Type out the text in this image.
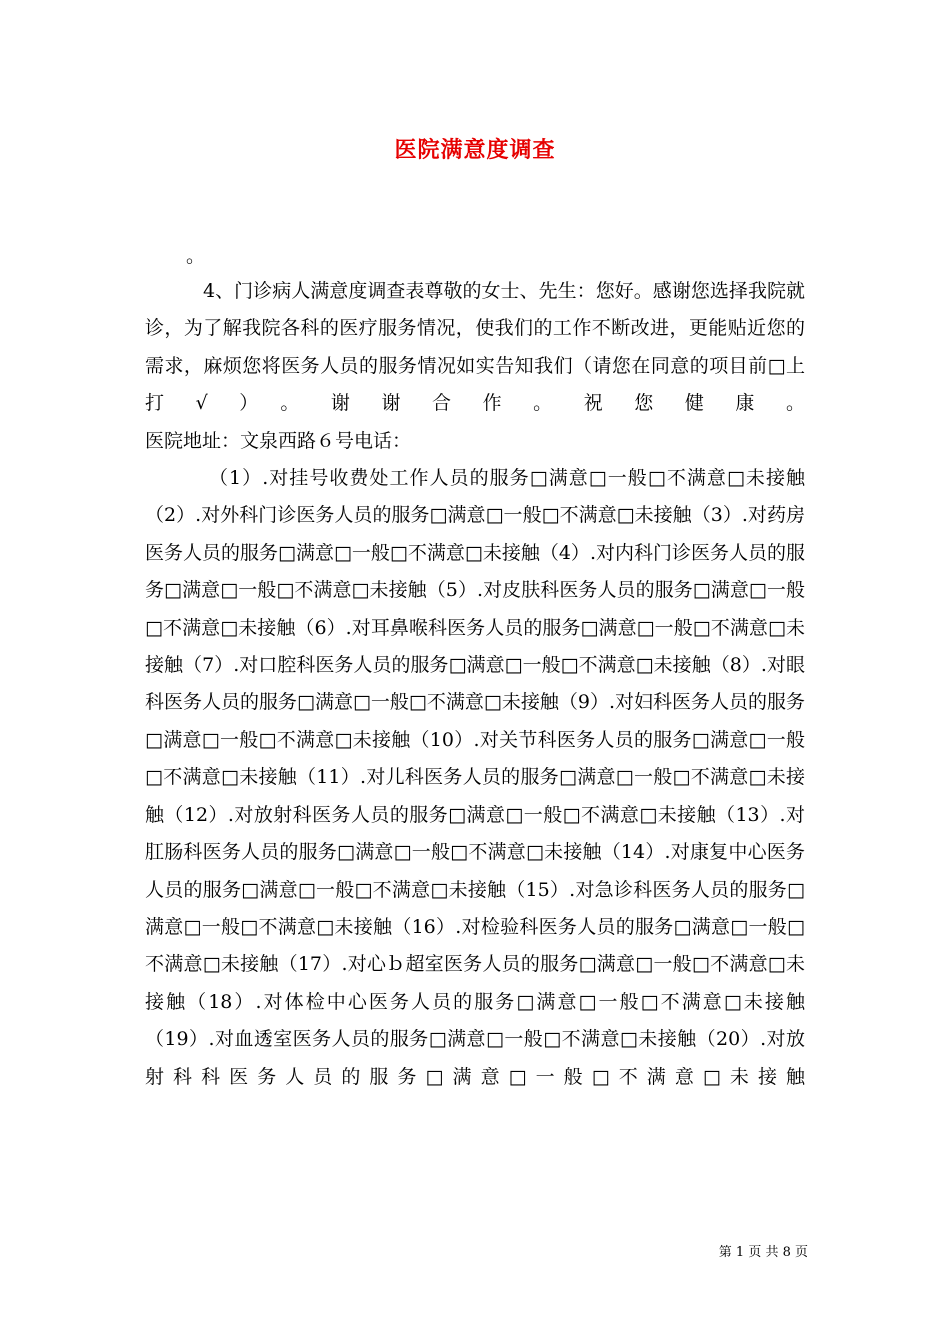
医院满意度调查
。

4、门诊病人满意度调查表尊敬的女士、先生：您好。感谢您选择我院就诊，为了解我院各科的医疗服务情况，使我们的工作不断改进，更能贴近您的需求，麻烦您将医务人员的服务情况如实告知我们（请您在同意的项目前□上打√）。谢谢合作。祝您健康。

医院地址：文泉西路６号电话：

（1）.对挂号收费处工作人员的服务□满意□一般□不满意□未接触（2）.对外科门诊医务人员的服务□满意□一般□不满意□未接触（3）.对药房医务人员的服务□满意□一般□不满意□未接触（4）.对内科门诊医务人员的服务□满意□一般□不满意□未接触（5）.对皮肤科医务人员的服务□满意□一般□不满意□未接触（6）.对耳鼻喉科医务人员的服务□满意□一般□不满意□未接触（7）.对口腔科医务人员的服务□满意□一般□不满意□未接触（8）.对眼科医务人员的服务□满意□一般□不满意□未接触（9）.对妇科医务人员的服务□满意□一般□不满意□未接触（10）.对关节科医务人员的服务□满意□一般□不满意□未接触（11）.对儿科医务人员的服务□满意□一般□不满意□未接触（12）.对放射科医务人员的服务□满意□一般□不满意□未接触（13）.对肛肠科医务人员的服务□满意□一般□不满意□未接触（14）.对康复中心医务人员的服务□满意□一般□不满意□未接触（15）.对急诊科医务人员的服务□满意□一般□不满意□未接触（16）.对检验科医务人员的服务□满意□一般□不满意□未接触（17）.对心ｂ超室医务人员的服务□满意□一般□不满意□未接触（18）.对体检中心医务人员的服务□满意□一般□不满意□未接触（19）.对血透室医务人员的服务□满意□一般□不满意□未接触（20）.对放射科科医务人员的服务□满意□一般□不满意□未接触

第 1 页 共 8 页
